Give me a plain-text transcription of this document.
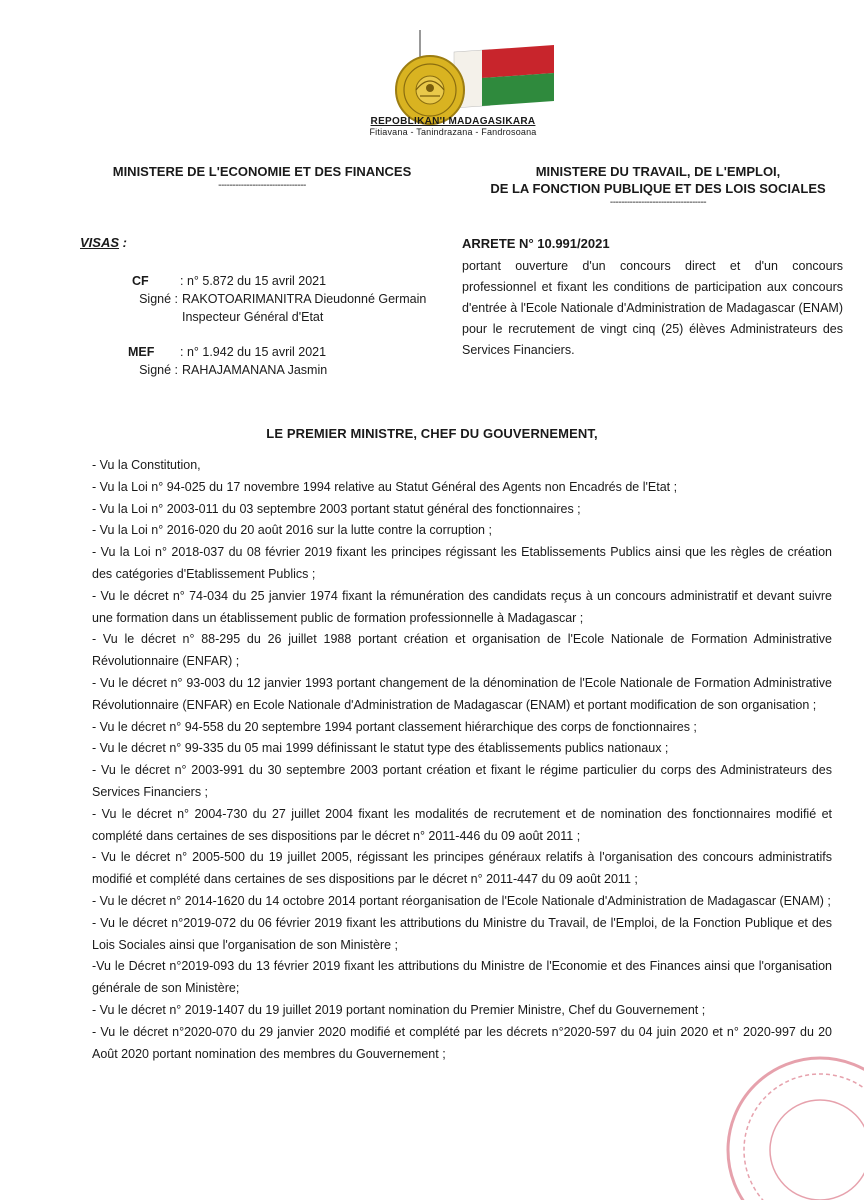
REPOBLIKAN'I MADAGASIKARA
Fitiavana - Tanindrazana - Fandrosoana
MINISTERE DE L'ECONOMIE ET DES FINANCES
-------------------------------
MINISTERE DU TRAVAIL, DE L'EMPLOI,
DE LA FONCTION PUBLIQUE ET DES LOIS SOCIALES
----------------------------------
VISAS :
CF	: n° 5.872 du 15 avril 2021
Signé : RAKOTOARIMANITRA Dieudonné Germain
Inspecteur Général d'Etat
MEF	: n° 1.942 du 15 avril 2021
Signé : RAHAJAMANANA Jasmin
ARRETE N° 10.991/2021
portant ouverture d'un concours direct et d'un concours professionnel et fixant les conditions de participation aux concours d'entrée à l'Ecole Nationale d'Administration de Madagascar (ENAM) pour le recrutement de vingt cinq (25) élèves Administrateurs des Services Financiers.
LE PREMIER MINISTRE, CHEF DU GOUVERNEMENT,
- Vu la Constitution,
- Vu la Loi n° 94-025 du 17 novembre 1994 relative au Statut Général des Agents non Encadrés de l'Etat ;
- Vu la Loi n° 2003-011 du 03 septembre 2003 portant statut général des fonctionnaires ;
- Vu la Loi n° 2016-020 du 20 août 2016 sur la lutte contre la corruption ;
- Vu la Loi n° 2018-037 du 08 février 2019 fixant les principes régissant les Etablissements Publics ainsi que les règles de création des catégories d'Etablissement Publics ;
- Vu le décret n° 74-034 du 25 janvier 1974 fixant la rémunération des candidats reçus à un concours administratif et devant suivre une formation dans un établissement public de formation professionnelle à Madagascar ;
- Vu le décret n° 88-295 du 26 juillet 1988 portant création et organisation de l'Ecole Nationale de Formation Administrative Révolutionnaire (ENFAR) ;
- Vu le décret n° 93-003 du 12 janvier 1993 portant changement de la dénomination de l'Ecole Nationale de Formation Administrative Révolutionnaire (ENFAR) en Ecole Nationale d'Administration de Madagascar (ENAM) et portant modification de son organisation ;
- Vu le décret n° 94-558 du 20 septembre 1994 portant classement hiérarchique des corps de fonctionnaires ;
- Vu le décret n° 99-335 du 05 mai 1999 définissant le statut type des établissements publics nationaux ;
- Vu le décret n° 2003-991 du 30 septembre 2003 portant création et fixant le régime particulier du corps des Administrateurs des Services Financiers ;
- Vu le décret n° 2004-730 du 27 juillet 2004 fixant les modalités de recrutement et de nomination des fonctionnaires modifié et complété dans certaines de ses dispositions par le décret n° 2011-446 du 09 août 2011 ;
- Vu le décret n° 2005-500 du 19 juillet 2005, régissant les principes généraux relatifs à l'organisation des concours administratifs modifié et complété dans certaines de ses dispositions par le décret n° 2011-447 du 09 août 2011 ;
- Vu le décret n° 2014-1620 du 14 octobre 2014 portant réorganisation de l'Ecole Nationale d'Administration de Madagascar (ENAM) ;
- Vu le décret n°2019-072 du 06 février 2019 fixant les attributions du Ministre du Travail, de l'Emploi, de la Fonction Publique et des Lois Sociales ainsi que l'organisation de son Ministère ;
-Vu le Décret n°2019-093 du 13 février 2019 fixant les attributions du Ministre de l'Economie et des Finances ainsi que l'organisation générale de son Ministère;
- Vu le décret n° 2019-1407 du 19 juillet 2019 portant nomination du Premier Ministre, Chef du Gouvernement ;
- Vu le décret n°2020-070 du 29 janvier 2020 modifié et complété par les décrets n°2020-597 du 04 juin 2020 et n° 2020-997 du 20 Août 2020 portant nomination des membres du Gouvernement ;
